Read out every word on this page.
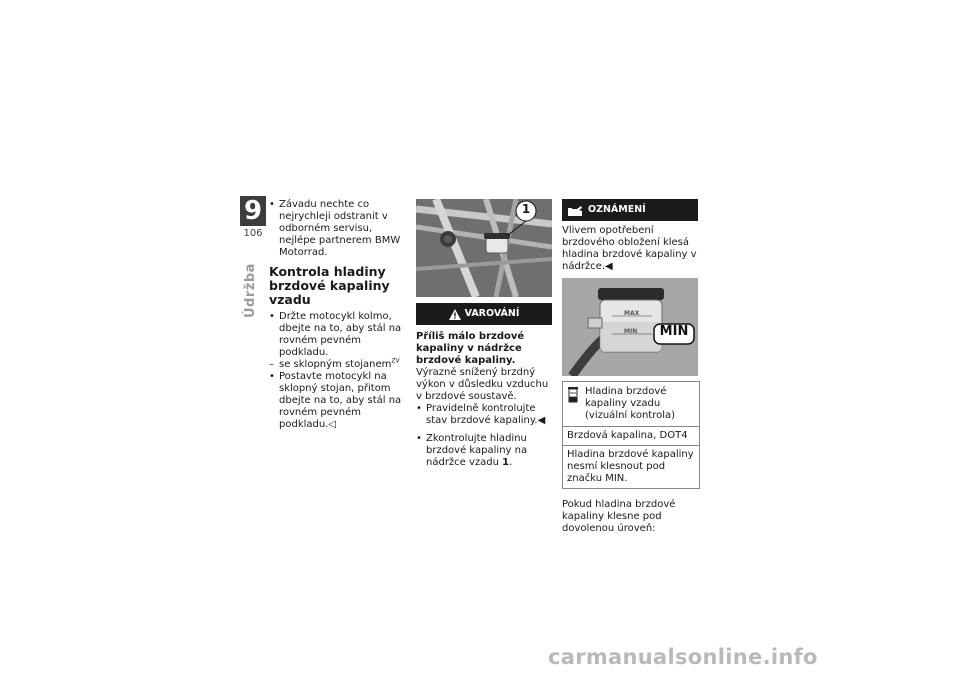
9
106
Údržba

• Závadu nechte co nejrychleji odstranit v odborném servisu, nejlépe partnerem BMW Motorrad.

Kontrola hladiny brzdové kapaliny vzadu

• Držte motocykl kolmo, dbejte na to, aby stál na rovném pevném podkladu.

– se sklopným stojanem$^{ZV}$

• Postavte motocykl na sklopný stojan, přitom dbejte na to, aby stál na rovném pevném podkladu.◁

1
VAROVÁNÍ

Příliš málo brzdové kapaliny v nádržce brzdové kapaliny.

Výrazně snížený brzdný výkon v důsledku vzduchu v brzdové soustavě.

• Pravidelně kontrolujte stav brzdové kapaliny.◀

• Zkontrolujte hladinu brzdové kapaliny na nádržce vzadu 1.

OZNÁMENÍ

Vlivem opotřebení brzdového obložení klesá hladina brzdové kapaliny v nádržce.◀

MAX
MIN	MIN
Hladina brzdové kapaliny vzadu (vizuální kontrola)
Brzdová kapalina, DOT4
Hladina brzdové kapaliny nesmí klesnout pod značku MIN.

Pokud hladina brzdové kapaliny klesne pod dovolenou úroveň:

carmanualsonline.info
